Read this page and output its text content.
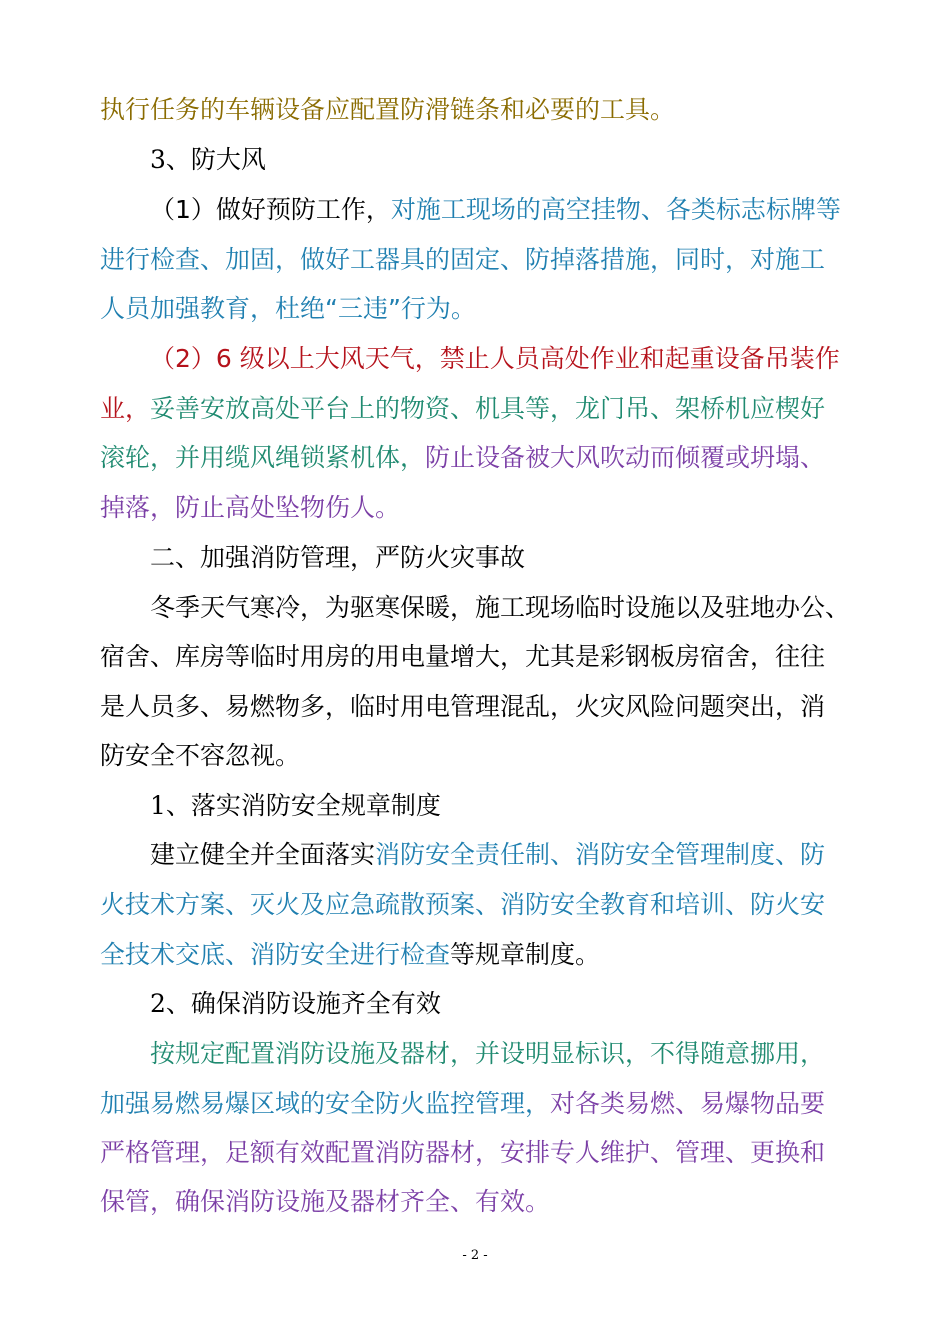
执行任务的车辆设备应配置防滑链条和必要的工具。
3、防大风
（1）做好预防工作，对施工现场的高空挂物、各类标志标牌等
进行检查、加固，做好工器具的固定、防掉落措施，同时，对施工
人员加强教育，杜绝“三违”行为。
（2）6 级以上大风天气，禁止人员高处作业和起重设备吊装作
业，妥善安放高处平台上的物资、机具等，龙门吊、架桥机应楔好
滚轮，并用缆风绳锁紧机体，防止设备被大风吹动而倾覆或坍塌、
掉落，防止高处坠物伤人。
二、加强消防管理，严防火灾事故
冬季天气寒冷，为驱寒保暖，施工现场临时设施以及驻地办公、
宿舍、库房等临时用房的用电量增大，尤其是彩钢板房宿舍，往往
是人员多、易燃物多，临时用电管理混乱，火灾风险问题突出，消
防安全不容忽视。
1、落实消防安全规章制度
建立健全并全面落实消防安全责任制、消防安全管理制度、防
火技术方案、灭火及应急疏散预案、消防安全教育和培训、防火安
全技术交底、消防安全进行检查等规章制度。
2、确保消防设施齐全有效
按规定配置消防设施及器材，并设明显标识，不得随意挪用，
加强易燃易爆区域的安全防火监控管理，对各类易燃、易爆物品要
严格管理，足额有效配置消防器材，安排专人维护、管理、更换和
保管，确保消防设施及器材齐全、有效。
- 2 -
